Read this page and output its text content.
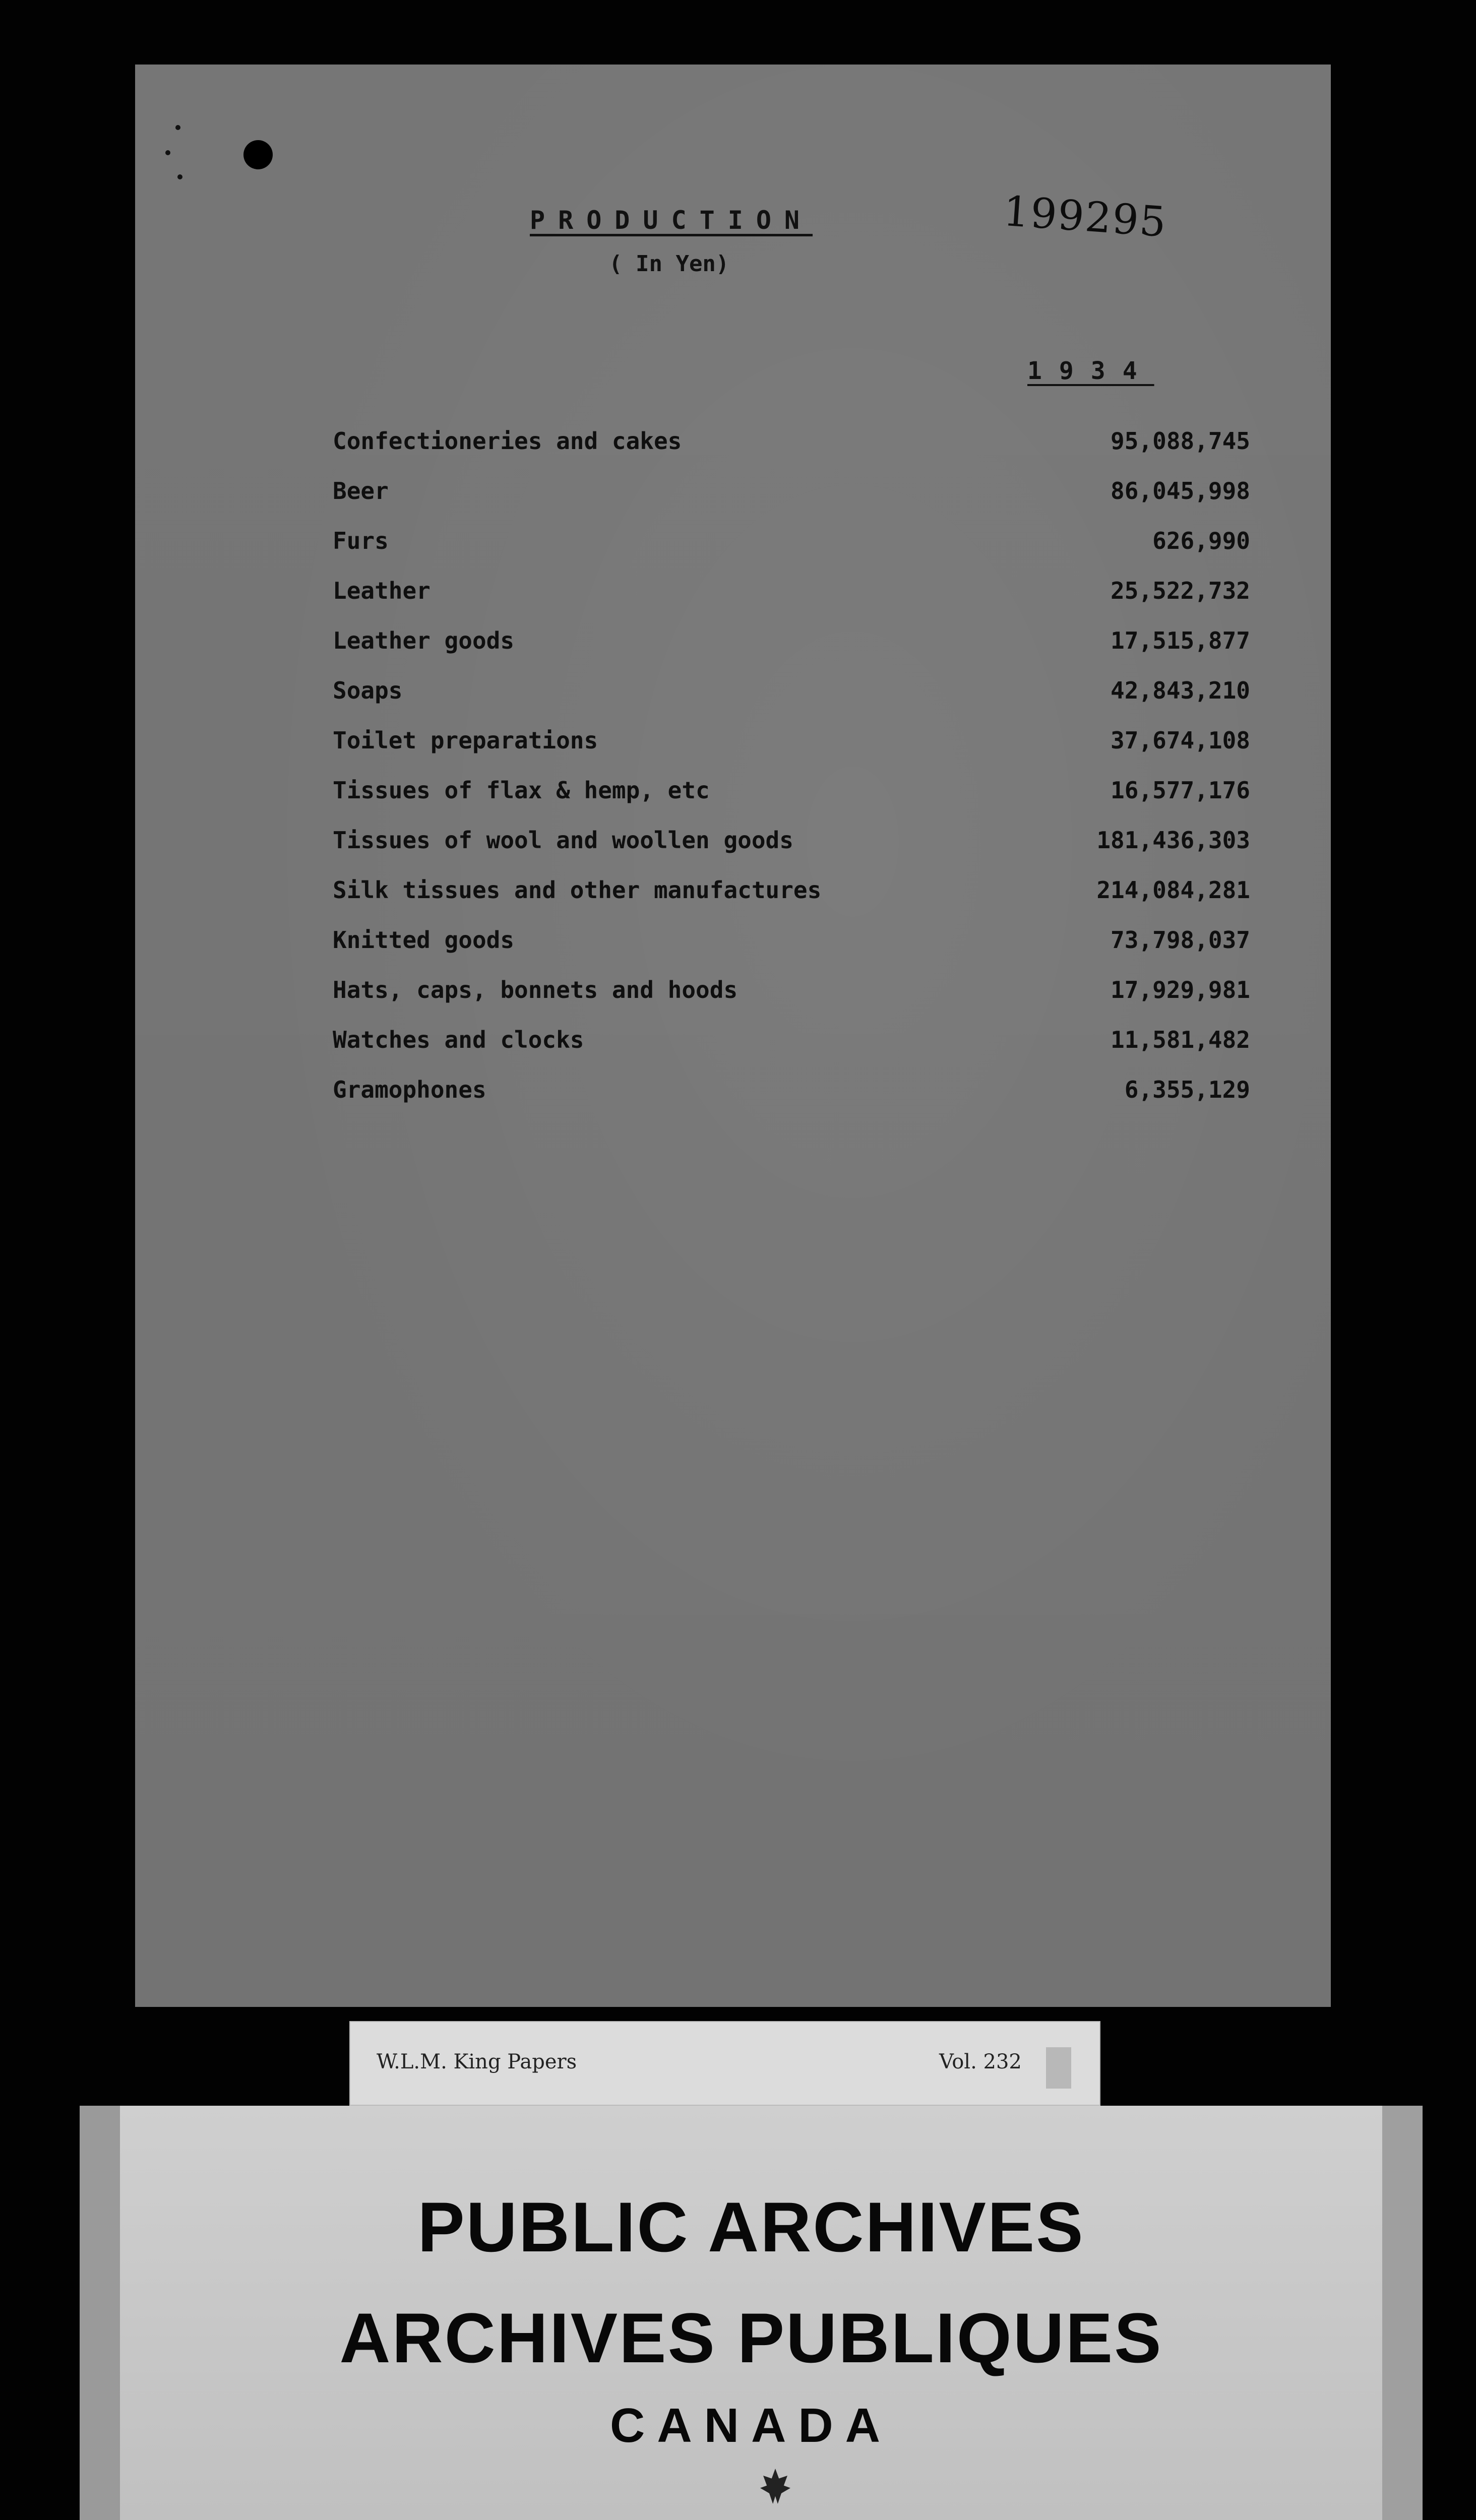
199295
PRODUCTION
( In Yen)
1934
Confectioneries and cakes	95,088,745
Beer	86,045,998
Furs	626,990
Leather	25,522,732
Leather goods	17,515,877
Soaps	42,843,210
Toilet preparations	37,674,108
Tissues of flax & hemp, etc	16,577,176
Tissues of wool and woollen goods	181,436,303
Silk tissues and other manufactures	214,084,281
Knitted goods	73,798,037
Hats, caps, bonnets and hoods	17,929,981
Watches and clocks	11,581,482
Gramophones	6,355,129
W.L.M. King Papers	Vol. 232
PUBLIC ARCHIVES
ARCHIVES PUBLIQUES
CANADA
